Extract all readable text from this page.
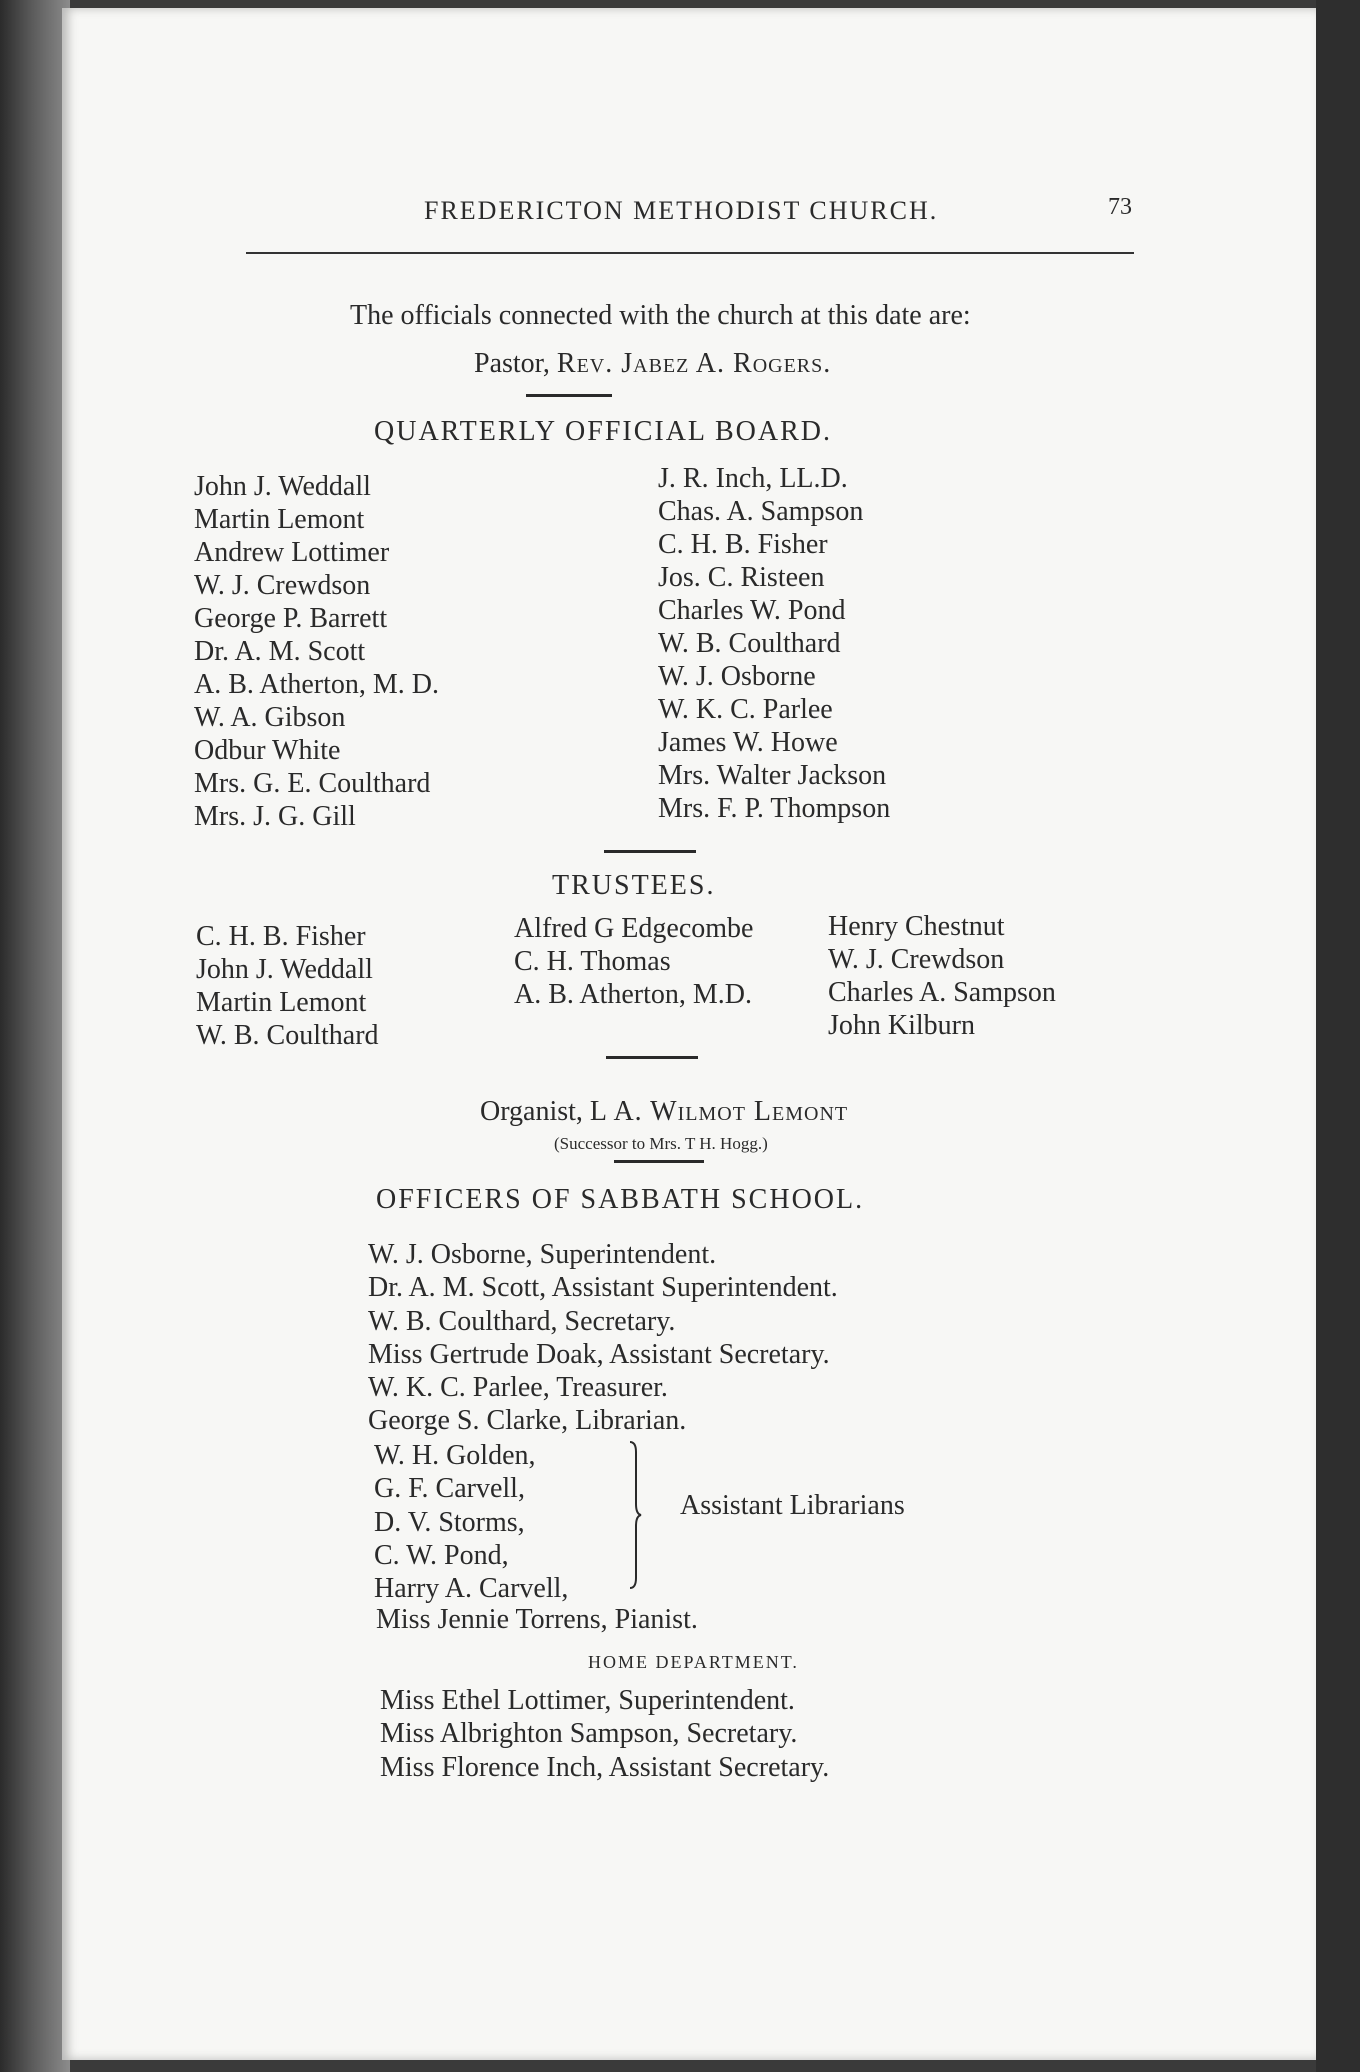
FREDERICTON METHODIST CHURCH.	73
The officials connected with the church at this date are:
Pastor, Rev. Jabez A. Rogers.
QUARTERLY OFFICIAL BOARD.
John J. Weddall
Martin Lemont
Andrew Lottimer
W. J. Crewdson
George P. Barrett
Dr. A. M. Scott
A. B. Atherton, M. D.
W. A. Gibson
Odbur White
Mrs. G. E. Coulthard
Mrs. J. G. Gill
J. R. Inch, LL.D.
Chas. A. Sampson
C. H. B. Fisher
Jos. C. Risteen
Charles W. Pond
W. B. Coulthard
W. J. Osborne
W. K. C. Parlee
James W. Howe
Mrs. Walter Jackson
Mrs. F. P. Thompson
TRUSTEES.
C. H. B. Fisher
John J. Weddall
Martin Lemont
W. B. Coulthard
Alfred G Edgecombe
C. H. Thomas
A. B. Atherton, M.D.
Henry Chestnut
W. J. Crewdson
Charles A. Sampson
John Kilburn
Organist, L A. Wilmot Lemont
(Successor to Mrs. T H. Hogg.)
OFFICERS OF SABBATH SCHOOL.
W. J. Osborne, Superintendent.
Dr. A. M. Scott, Assistant Superintendent.
W. B. Coulthard, Secretary.
Miss Gertrude Doak, Assistant Secretary.
W. K. C. Parlee, Treasurer.
George S. Clarke, Librarian.
W. H. Golden,
G. F. Carvell,
D. V. Storms,
C. W. Pond,
Harry A. Carvell,
Assistant Librarians
Miss Jennie Torrens, Pianist.
HOME DEPARTMENT.
Miss Ethel Lottimer, Superintendent.
Miss Albrighton Sampson, Secretary.
Miss Florence Inch, Assistant Secretary.
